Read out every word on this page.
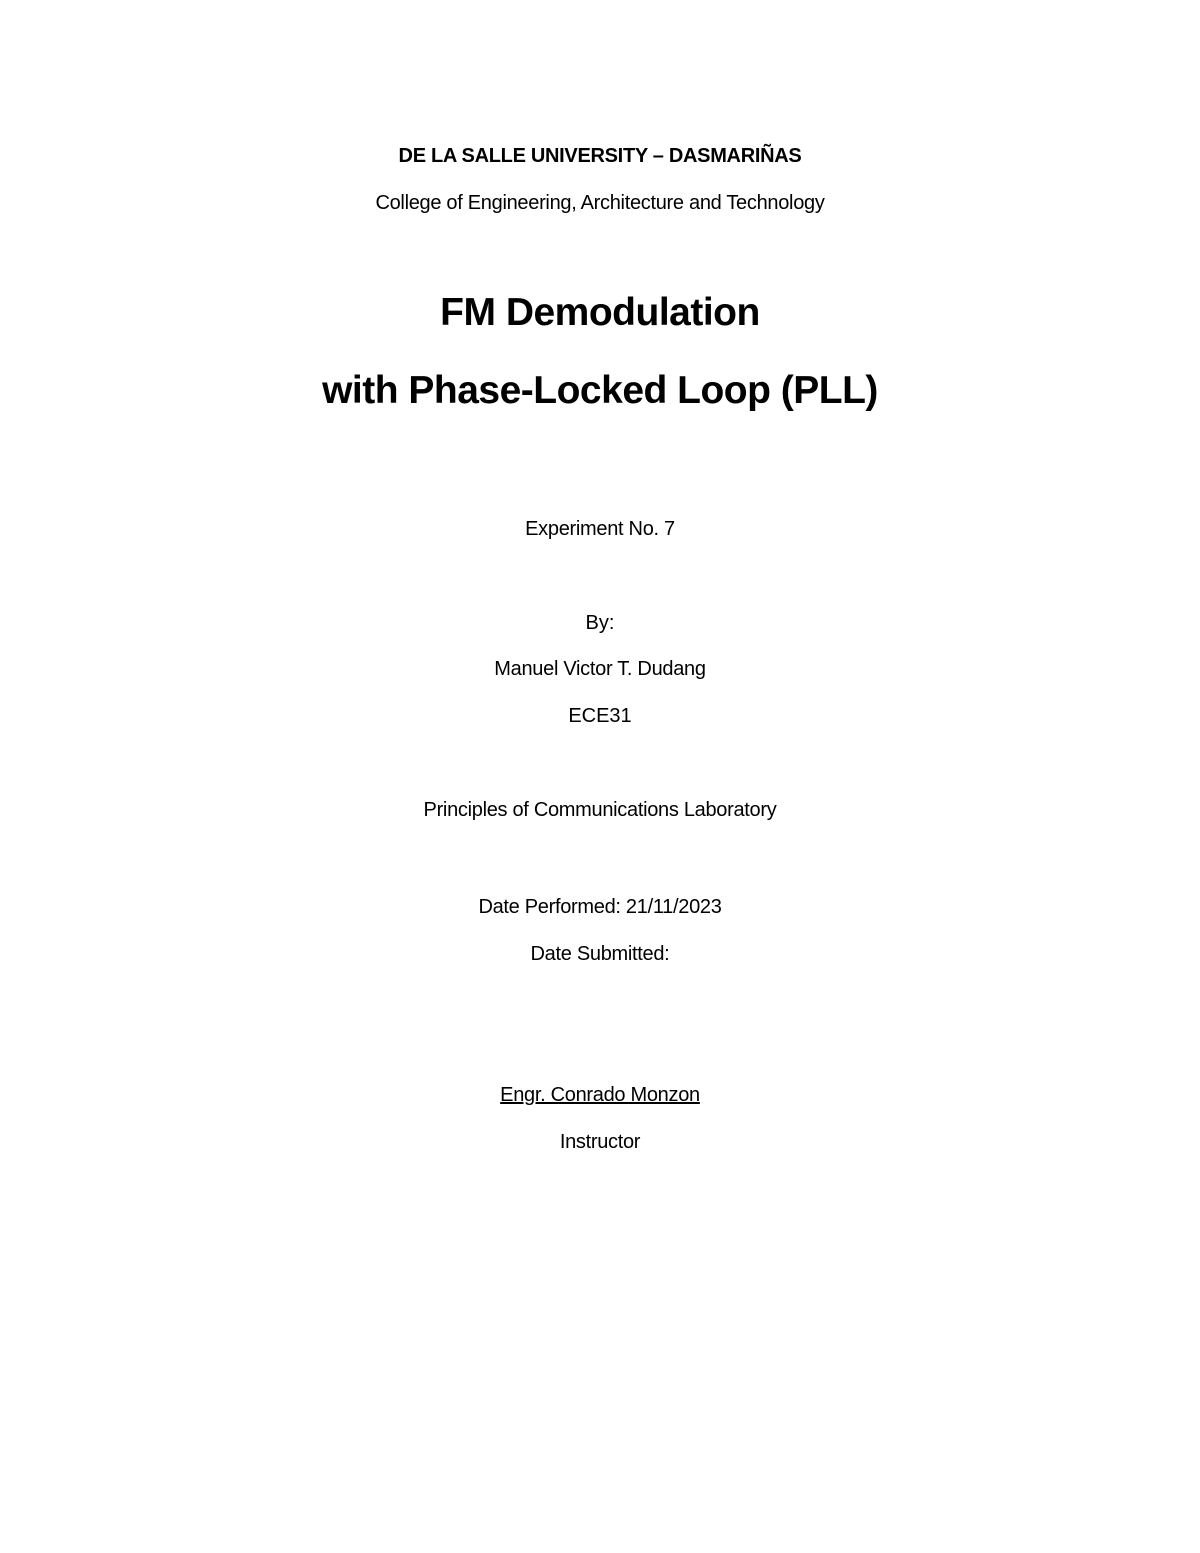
DE LA SALLE UNIVERSITY – DASMARIÑAS
College of Engineering, Architecture and Technology
FM Demodulation
with Phase-Locked Loop (PLL)
Experiment No. 7
By:
Manuel Victor T. Dudang
ECE31
Principles of Communications Laboratory
Date Performed: 21/11/2023
Date Submitted:
Engr. Conrado Monzon
Instructor
